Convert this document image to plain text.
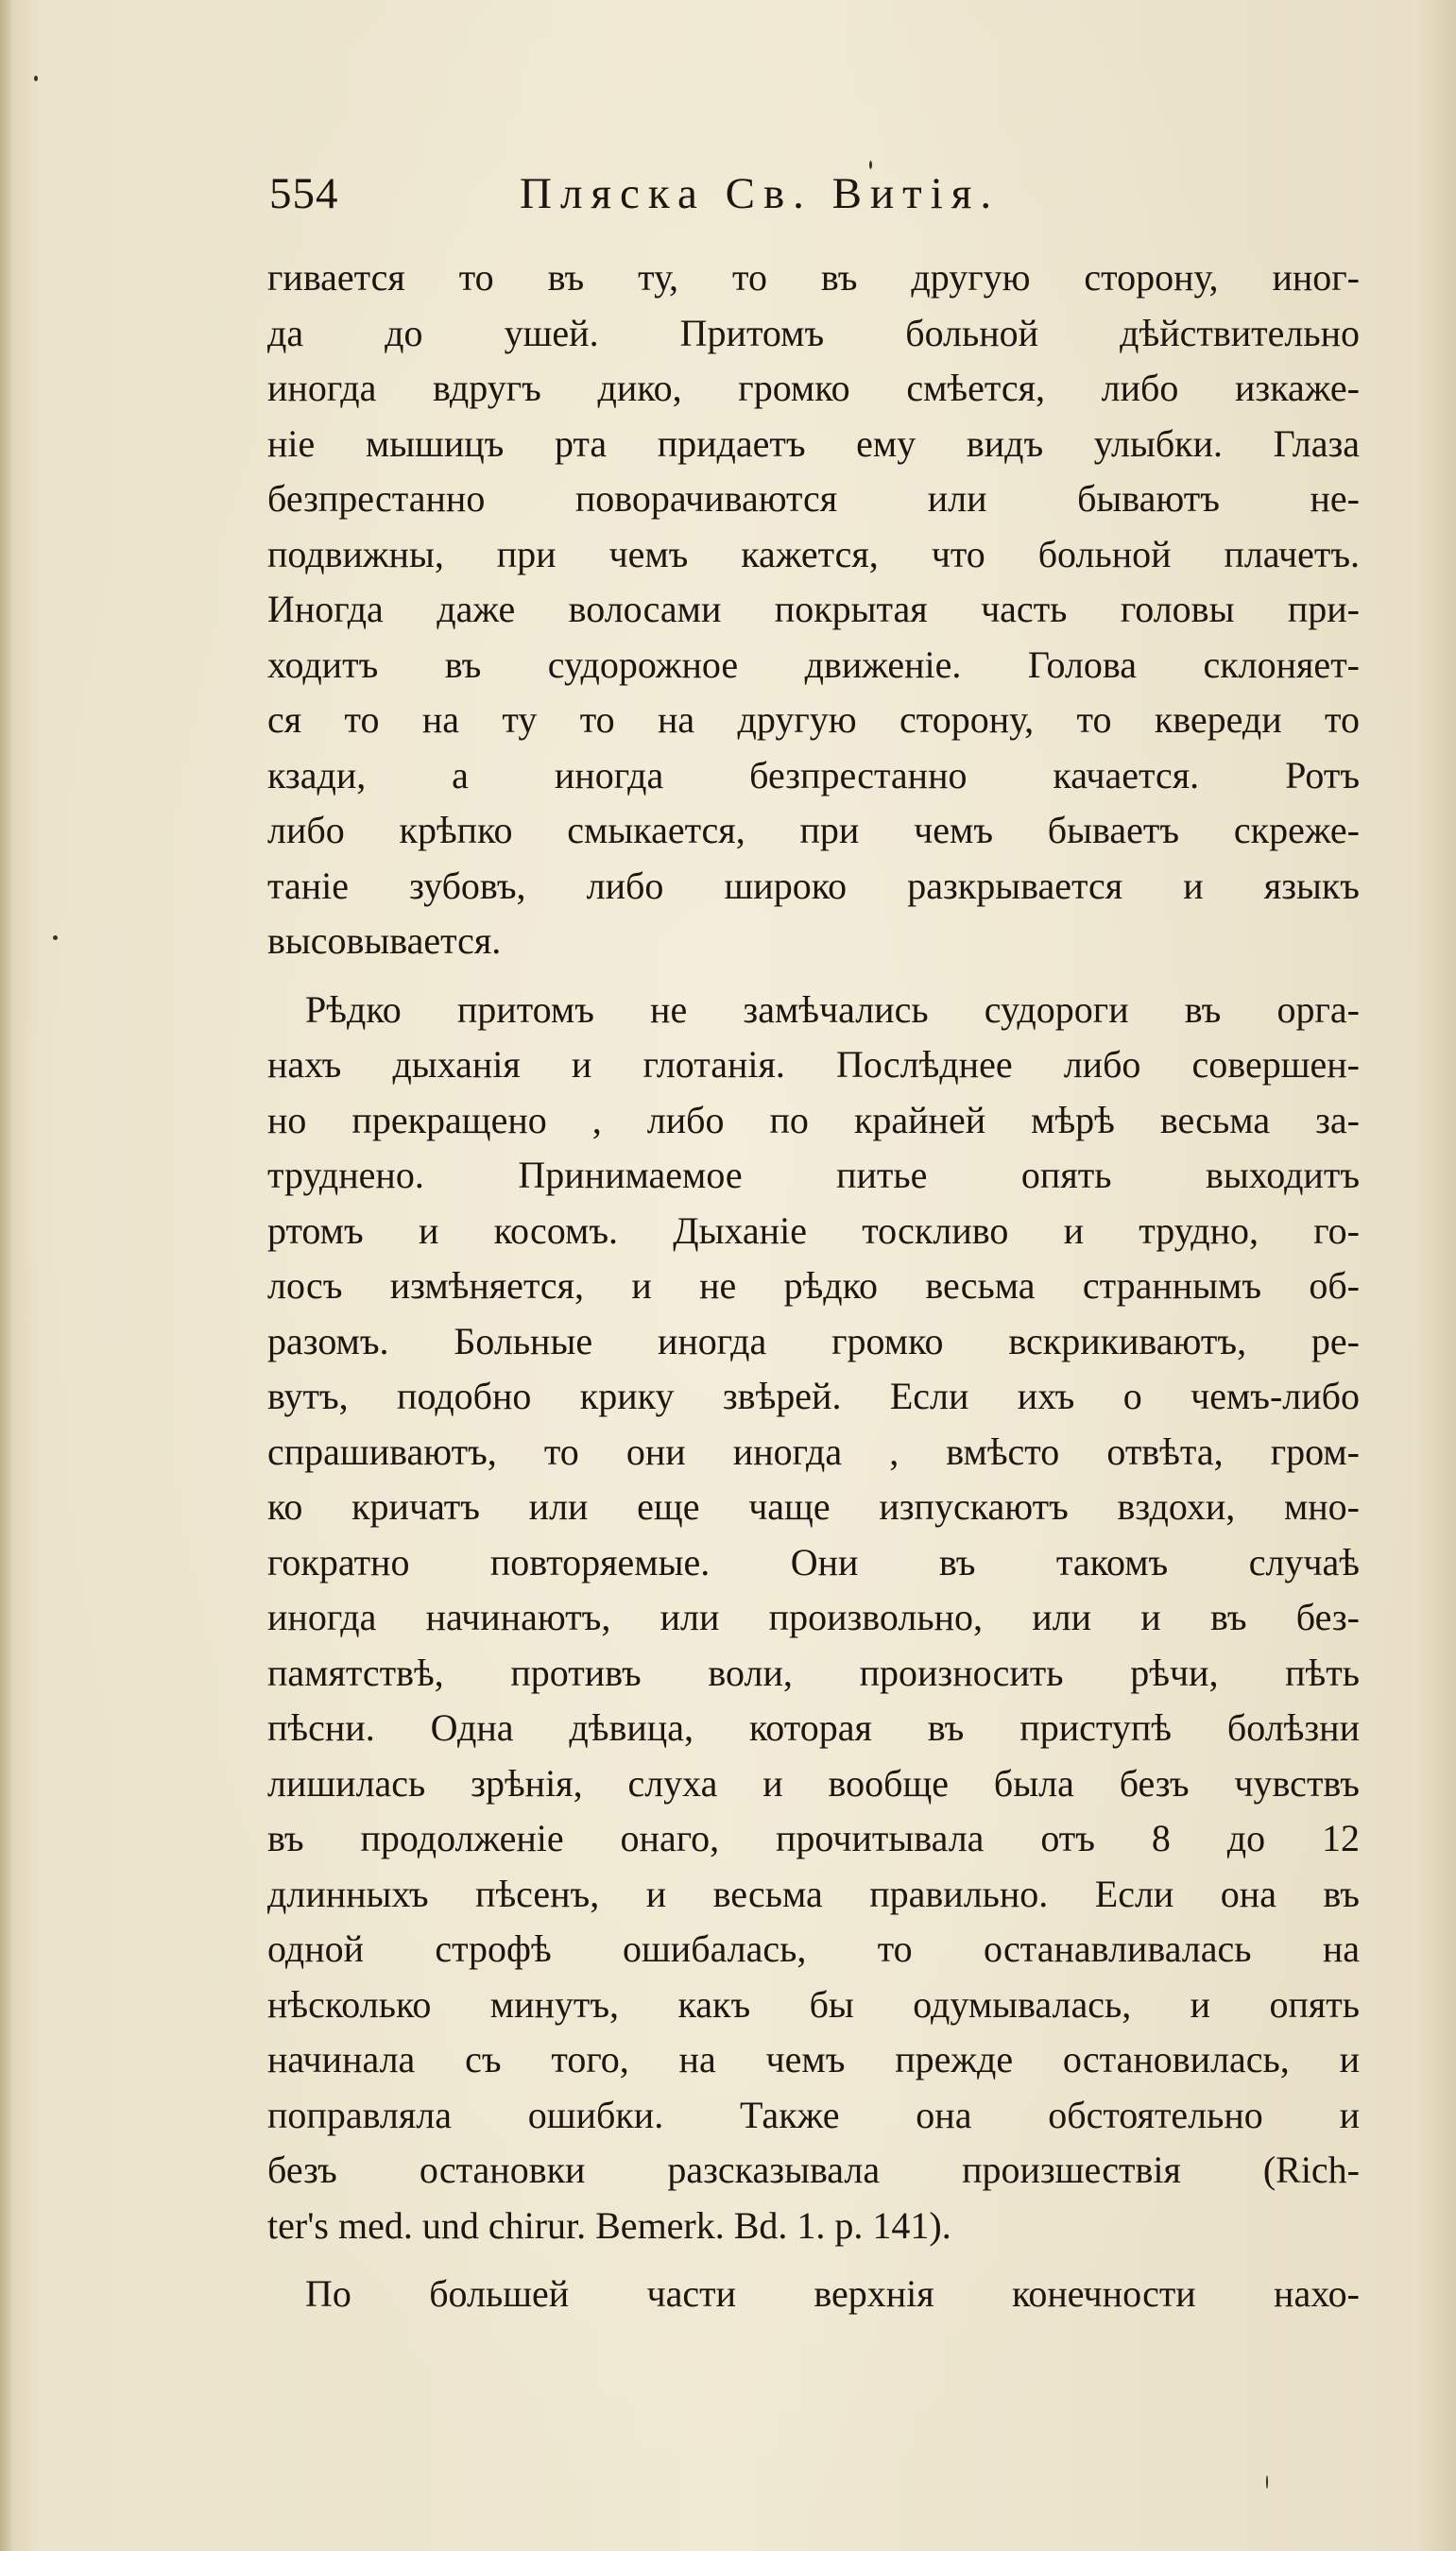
554	Пляска Св. Витія.
гивается то въ ту, то въ другую сторону, иног-
да до ушей. Притомъ больной дѣйствительно
иногда вдругъ дико, громко смѣется, либо изкаже-
ніе мышицъ рта придаетъ ему видъ улыбки. Глаза
безпрестанно поворачиваются или бываютъ не-
подвижны, при чемъ кажется, что больной плачетъ.
Иногда даже волосами покрытая часть головы при-
ходитъ въ судорожное движеніе. Голова склоняет-
ся то на ту то на другую сторону, то квереди то
кзади, а иногда безпрестанно качается. Ротъ
либо крѣпко смыкается, при чемъ бываетъ скреже-
таніе зубовъ, либо широко разкрывается и языкъ
высовывается.
Рѣдко притомъ не замѣчались судороги въ орга-
нахъ дыханія и глотанія. Послѣднее либо совершен-
но прекращено , либо по крайней мѣрѣ весьма за-
труднено. Принимаемое питье опять выходитъ
ртомъ и косомъ. Дыханіе тоскливо и трудно, го-
лосъ измѣняется, и не рѣдко весьма страннымъ об-
разомъ. Больные иногда громко вскрикиваютъ, ре-
вутъ, подобно крику звѣрей. Если ихъ о чемъ-либо
спрашиваютъ, то они иногда , вмѣсто отвѣта, гром-
ко кричатъ или еще чаще изпускаютъ вздохи, мно-
гократно повторяемые. Они въ такомъ случаѣ
иногда начинаютъ, или произвольно, или и въ без-
памятствѣ, противъ воли, произносить рѣчи, пѣть
пѣсни. Одна дѣвица, которая въ приступѣ болѣзни
лишилась зрѣнія, слуха и вообще была безъ чувствъ
въ продолженіе онаго, прочитывала отъ 8 до 12
длинныхъ пѣсенъ, и весьма правильно. Если она въ
одной строфѣ ошибалась, то останавливалась на
нѣсколько минутъ, какъ бы одумывалась, и опять
начинала съ того, на чемъ прежде остановилась, и
поправляла ошибки. Также она обстоятельно и
безъ остановки разсказывала произшествія (Rich-
ter's med. und chirur. Bemerk. Bd. 1. p. 141).
По большей части верхнія конечности нахо-
